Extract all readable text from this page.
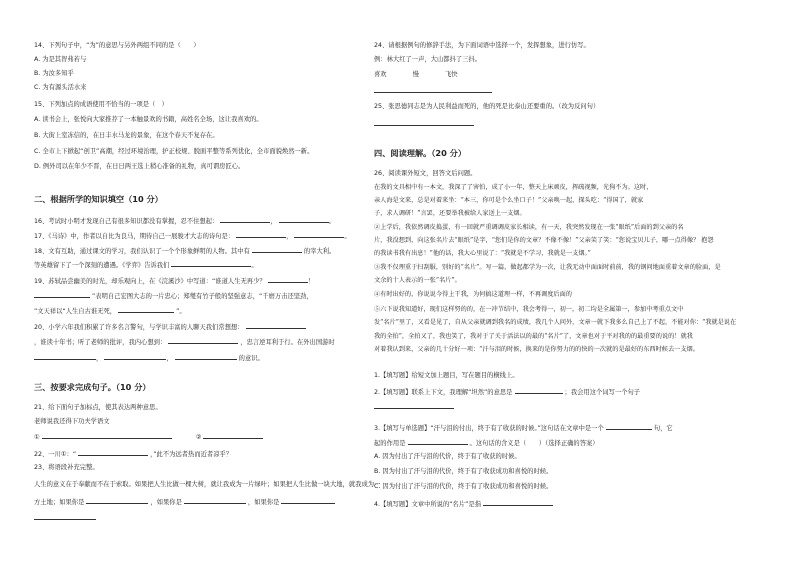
14、下列句子中，“为”的意思与另外两组不同的是（　　）
A. 为是其智弗若与
B. 为汝多知乎
C. 为有源头活水来
15、下列加点的成语使用不恰当的一项是（　）
A. 读书会上，张悦向大家推荐了一本触景欢的书籍，高姓名全场，这让我喜欢的。
B. 大街上室冻信的，在日丰水马龙的景象，在这个春天不复存在。
C. 全市上下掀起“创卫”高潮，经过环境治理，护正校规、脱面平整等系列优化，全市面貌焕然一新。
D. 例外司以在年少不晋，在日日两王选上稍心准备的礼物，真可谓房匠心。
二、根据所学的知识填空（10 分）
16、考试时小明才发现自己有很多知识都没有掌握，忍不住想起：	，	。
17、《马诗》中，作者以自比为良马，期待自己一展骏才大志的诗句是：	，	。
18、文有互助，通过课文的学习，我们认识了一个个形象鲜明的人物。其中有	的宰大利。
等英雄留下了一个深刻的遭遇。《学弈》告诉我们	。
19、苏轼品尝幽美的时光，却乐观向上，在《浣溪沙》中写道：“谁道人生无再少？	！
”表明自己宏图大志的一片忠心；郑燮有竹子般的坚强意志，“千磨万击还坚劲，
”文天祥以“人生自古谁无死，	”。
20、小学六年我们积累了许多名言警句，与学识丰富的人聊天我们常想想：
，谁读十年书；听了老师的批评，我内心想到：	，忠言逆耳利于行。在外出国游时
，	，	的意识。
三、按要求完成句子。（10 分）
21、给下面句子加标点，使其表达两种意思。
老师说我还得下功夫学语文
①	②
22、一川①：“	，”此不为远者热而近者凉乎？
23、将语段补充完整。
人生的意义在于奉献而不在于索取。如果把人生比做一棵大树，就让我成为一片绿叶；如果把人生比做一块大地，就我成为一
方土地；如果你是	，如果你是	，如果你是
24、请根据例句的修辞手法，为下面词语中选择一个，发挥想象，进行仿写。
例：林大红了一声，大山都抖了三抖。
喜欢	慢	飞快
25、张思德同志是为人民利益而死的，他的死是比泰山还要重的。（改为反问句）
四、阅读理解。（20 分）
26、阅读课外短文，回答文后问题。
在我的文具相中有一本文，我深了了害怕，成了小一年，整天上床顽皮，挥疏视频，光狗不为。这时，
亲人海是文来，总是对着来坐：“本三，你可是个么坐口子！”父亲唤一起，探头吃：“得国了，就家
子，求人调研！”言罢，还要举我被给人家送上一支烟。
②上学后，我依然调皮捣蛋，有一回就严重调调皮家长相读，有一天，我突然发现在一张“眼纸”后面的到父亲的名
片，我没想到，向这张名片去“眼纸”是字，“您们是你的文章？不像不像！”父亲笑了笑：“您说宝贝儿子，哪一点得像？ 抱怨
的我读书我有出息！”他的话，我大心里说了：“我就是不学习，我就是一支烟。”
③我不仅理重于扫刮服，别好的“名片”。写一篇，做起都学为一次，让我无动中面面时前前，我的钢问地面重着文章的脸面，是
文余的十人表示的一张“名片”。
④有时出好的，你说说今得上干我，为何搞这道理一样，不再调度后面的
⑤六下说我知道好，现们这样努的的，在一冲节结中，我会考得一，初一，初二均是全属第一，参加中考重点文中
发“名片”里了，又看是见了，自从父亲就调到我名的成绩，我几个人问外，文章一就下我多么自己上了不起，不能对你：“我就是说在
我的全拍”，全拍又了，我也笑了，我对于了关于活法以的最的“名片”了，文章也对于平对我的的最重要的说的！就我
对着我认到来，父亲的几十分好一项：“汗与泪的时候，换来的是你努力的的快的一次就的是最好的东西时候去一支烟。
1.【填写题】给短文加上题目，写在题目的横线上。
2.【填写题】联系上下文，我理解“坦然”的意思是	；我会用这个词写一个句子
3.【填写与单选题】“汗与泪的付出，终于有了收获的时候。”这句话在文章中是一个	句，它
起的作用是	。这句话的含义是（　　）（选择正确的答案）
A. 因为付出了汗与泪的代价，终于有了收获的时候。
B. 因为付出了汗与泪的代价，终于有了收获成功和喜悦的时候。
C. 因为付出了汗与泪的代价，终于有了收获成功和喜悦的时候。
4.【填写题】文章中所说的“名片”是指
